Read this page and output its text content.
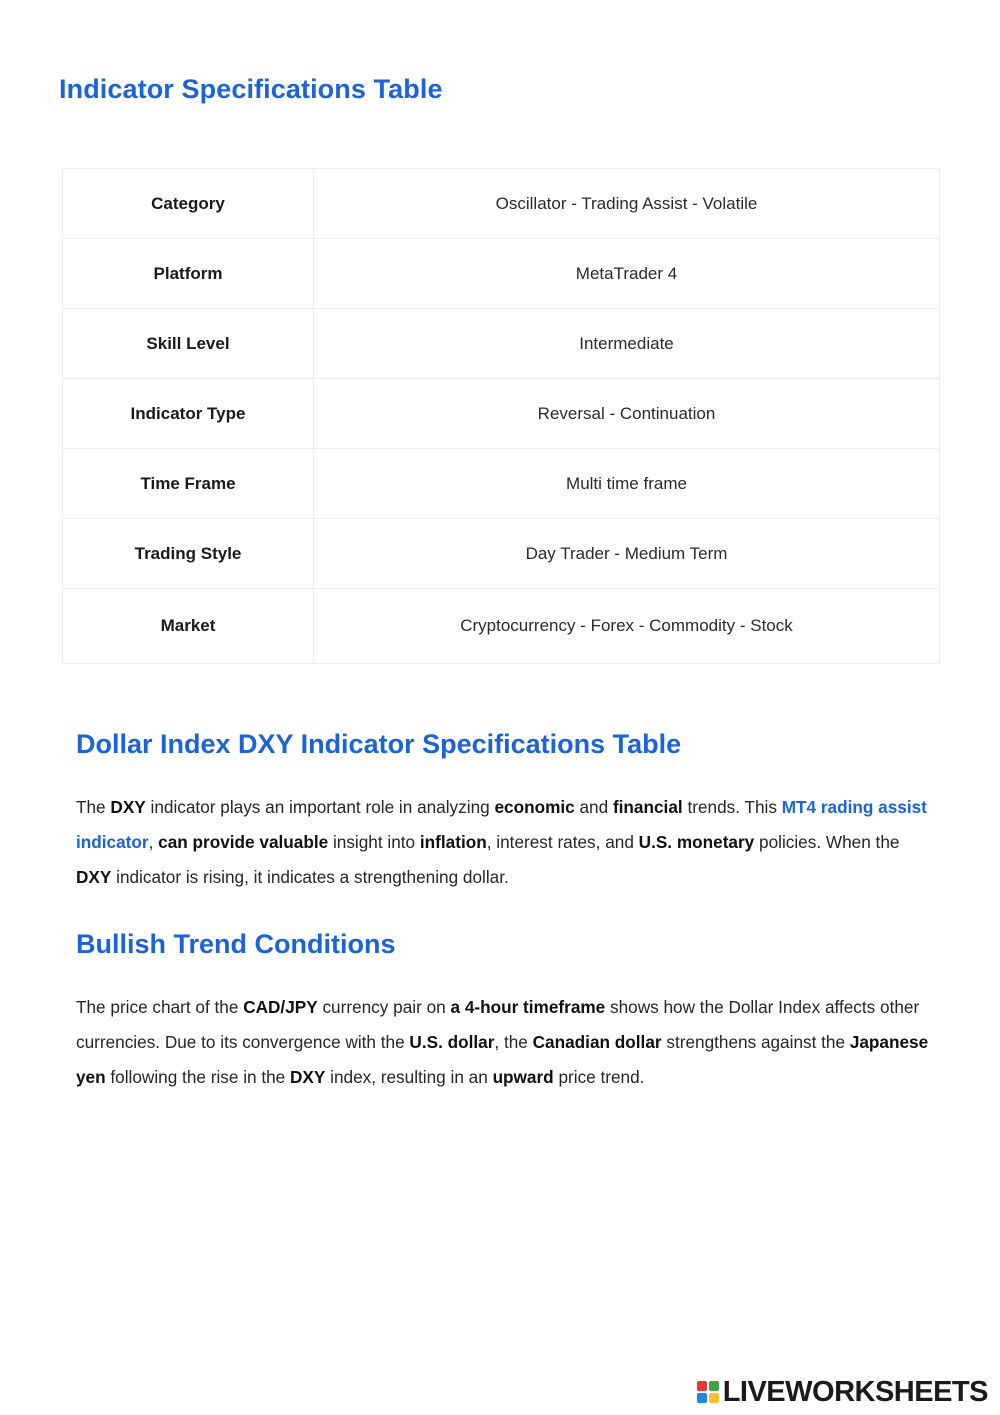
Indicator Specifications Table
Category	Oscillator - Trading Assist - Volatile
Platform	MetaTrader 4
Skill Level	Intermediate
Indicator Type	Reversal - Continuation
Time Frame	Multi time frame
Trading Style	Day Trader - Medium Term
Market	Cryptocurrency - Forex - Commodity - Stock
Dollar Index DXY Indicator Specifications Table

The DXY indicator plays an important role in analyzing economic and financial trends. This MT4 rading assist indicator, can provide valuable insight into inflation, interest rates, and U.S. monetary policies. When the DXY indicator is rising, it indicates a strengthening dollar.

Bullish Trend Conditions

The price chart of the CAD/JPY currency pair on a 4-hour timeframe shows how the Dollar Index affects other currencies. Due to its convergence with the U.S. dollar, the Canadian dollar strengthens against the Japanese yen following the rise in the DXY index, resulting in an upward price trend.

LIVEWORKSHEETS
